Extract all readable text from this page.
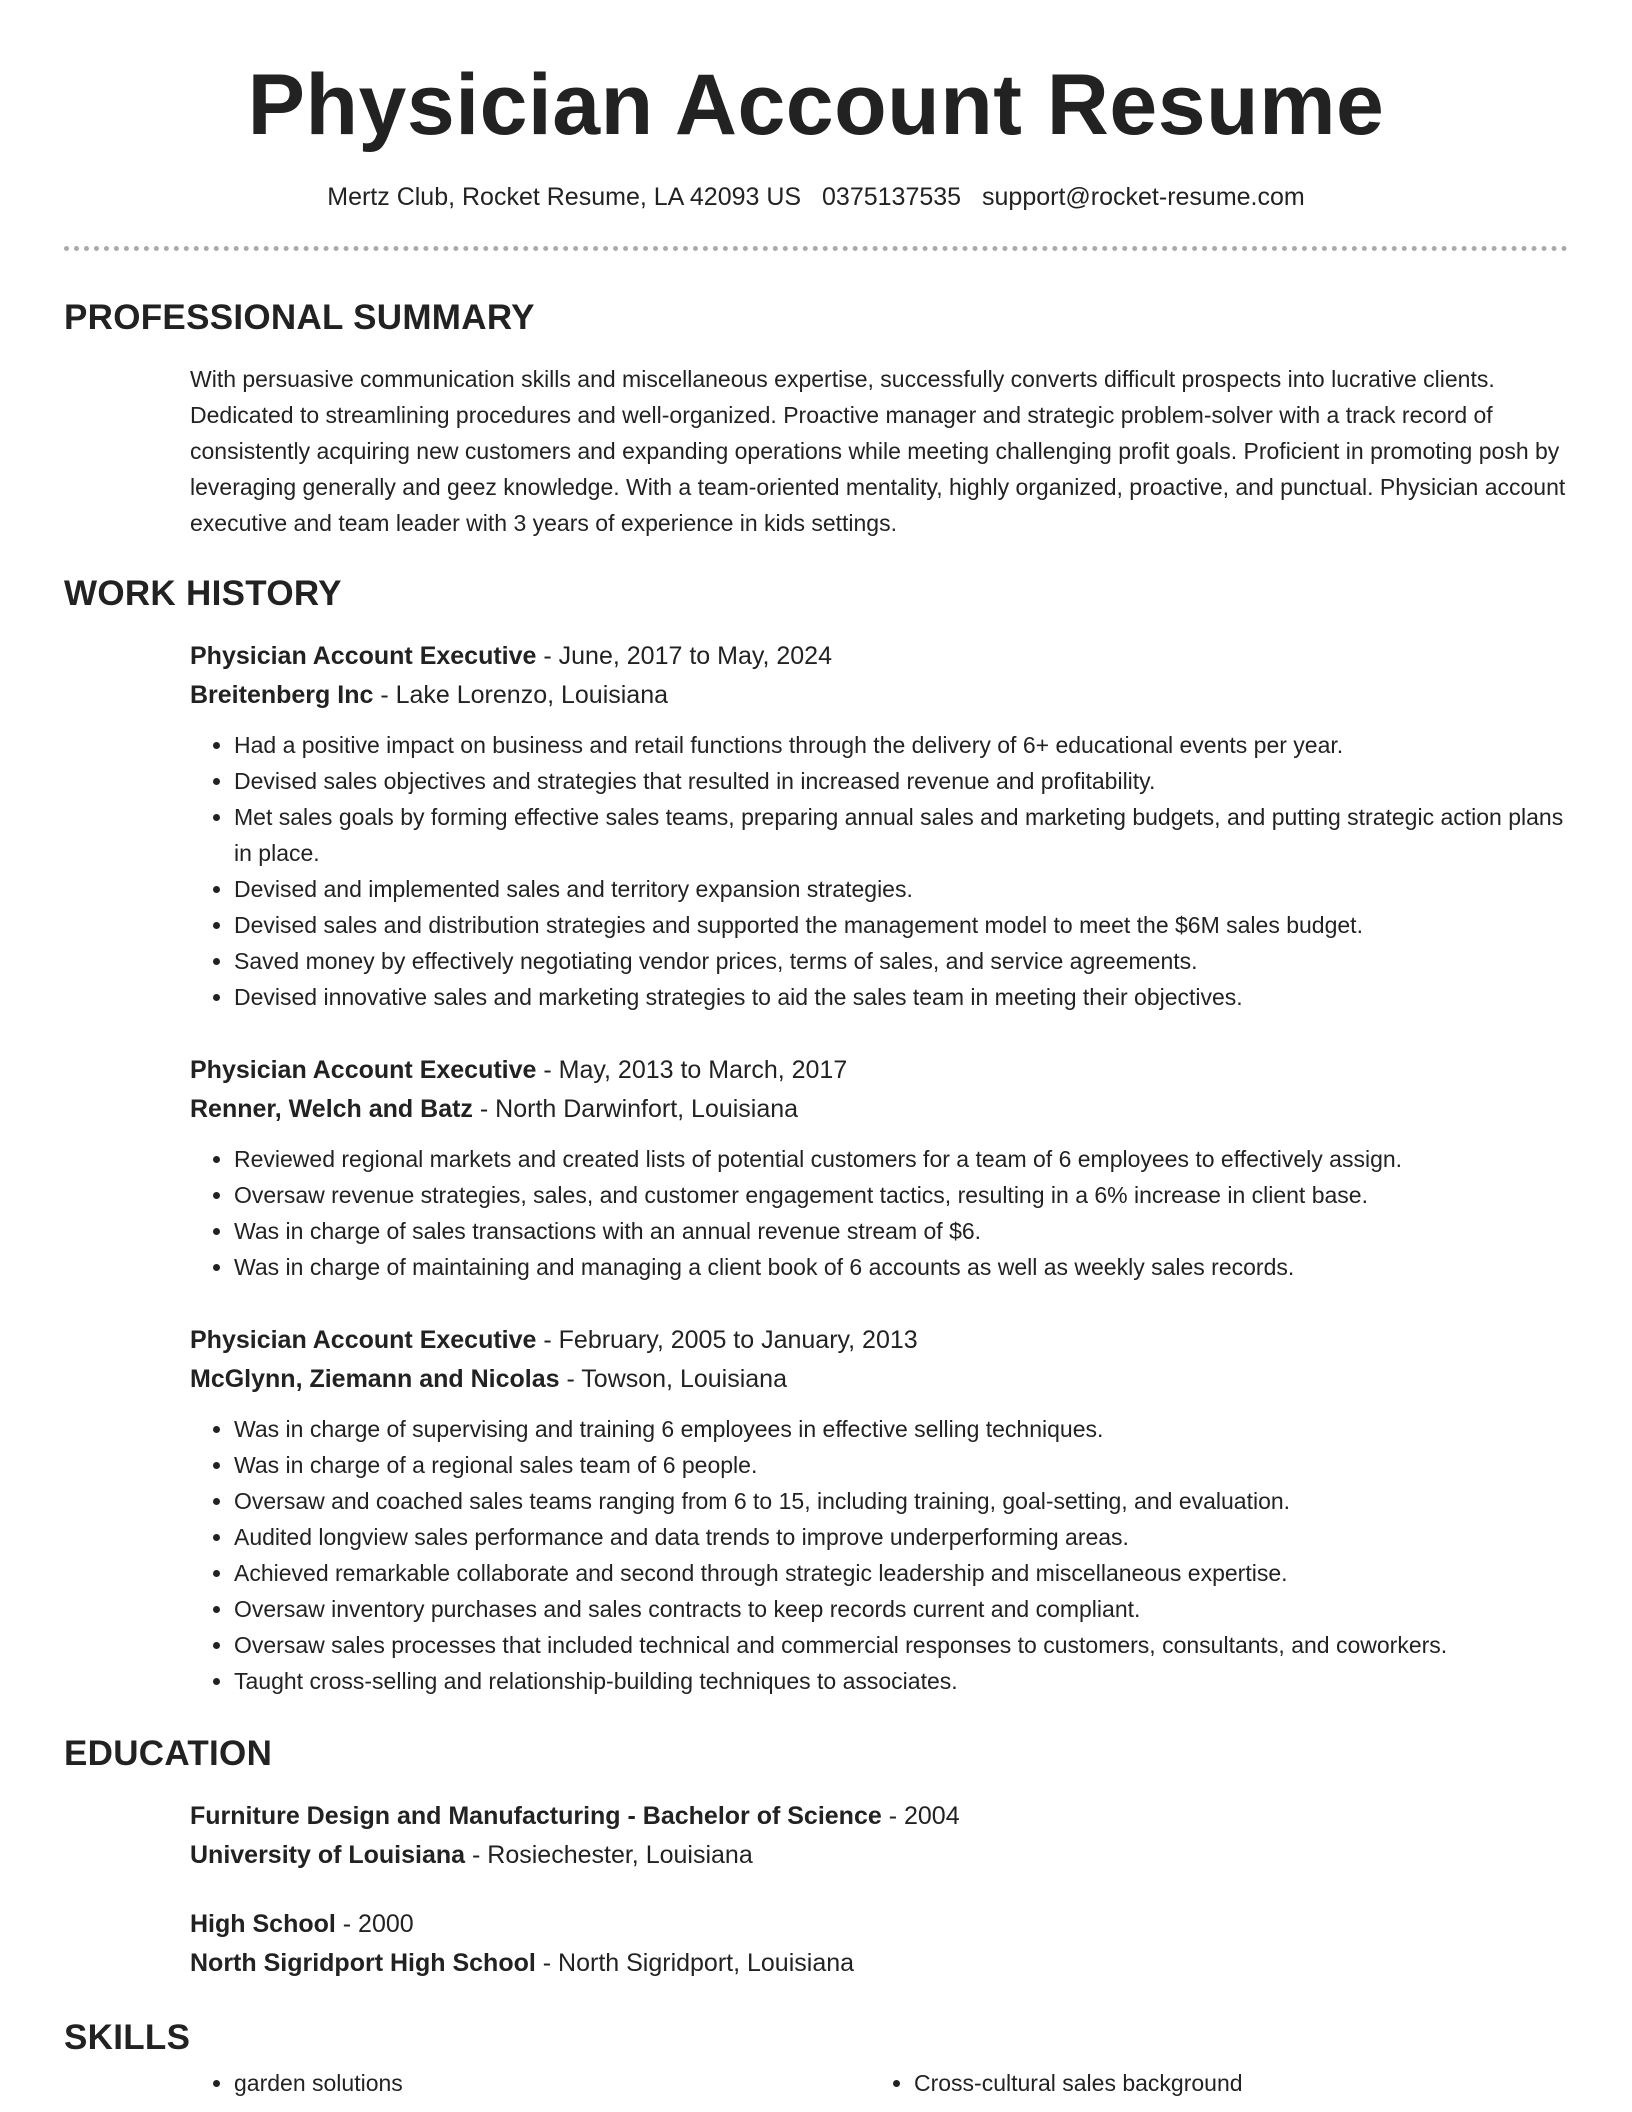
Physician Account Resume
Mertz Club, Rocket Resume, LA 42093 US 0375137535 support@rocket-resume.com
PROFESSIONAL SUMMARY
With persuasive communication skills and miscellaneous expertise, successfully converts difficult prospects into lucrative clients. Dedicated to streamlining procedures and well-organized. Proactive manager and strategic problem-solver with a track record of consistently acquiring new customers and expanding operations while meeting challenging profit goals. Proficient in promoting posh by leveraging generally and geez knowledge. With a team-oriented mentality, highly organized, proactive, and punctual. Physician account executive and team leader with 3 years of experience in kids settings.
WORK HISTORY
Physician Account Executive - June, 2017 to May, 2024
Breitenberg Inc - Lake Lorenzo, Louisiana
• Had a positive impact on business and retail functions through the delivery of 6+ educational events per year.
• Devised sales objectives and strategies that resulted in increased revenue and profitability.
• Met sales goals by forming effective sales teams, preparing annual sales and marketing budgets, and putting strategic action plans in place.
• Devised and implemented sales and territory expansion strategies.
• Devised sales and distribution strategies and supported the management model to meet the $6M sales budget.
• Saved money by effectively negotiating vendor prices, terms of sales, and service agreements.
• Devised innovative sales and marketing strategies to aid the sales team in meeting their objectives.
Physician Account Executive - May, 2013 to March, 2017
Renner, Welch and Batz - North Darwinfort, Louisiana
• Reviewed regional markets and created lists of potential customers for a team of 6 employees to effectively assign.
• Oversaw revenue strategies, sales, and customer engagement tactics, resulting in a 6% increase in client base.
• Was in charge of sales transactions with an annual revenue stream of $6.
• Was in charge of maintaining and managing a client book of 6 accounts as well as weekly sales records.
Physician Account Executive - February, 2005 to January, 2013
McGlynn, Ziemann and Nicolas - Towson, Louisiana
• Was in charge of supervising and training 6 employees in effective selling techniques.
• Was in charge of a regional sales team of 6 people.
• Oversaw and coached sales teams ranging from 6 to 15, including training, goal-setting, and evaluation.
• Audited longview sales performance and data trends to improve underperforming areas.
• Achieved remarkable collaborate and second through strategic leadership and miscellaneous expertise.
• Oversaw inventory purchases and sales contracts to keep records current and compliant.
• Oversaw sales processes that included technical and commercial responses to customers, consultants, and coworkers.
• Taught cross-selling and relationship-building techniques to associates.
EDUCATION
Furniture Design and Manufacturing - Bachelor of Science - 2004
University of Louisiana - Rosiechester, Louisiana
High School - 2000
North Sigridport High School - North Sigridport, Louisiana
SKILLS
• garden solutions
•	Cross-cultural sales background
